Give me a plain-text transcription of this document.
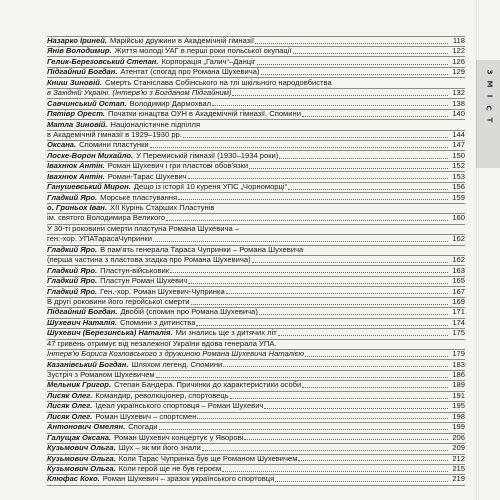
З
М
І
С
Т
Назарко Іриней. Марійські дружини в Академічній гімназії	118
Янів Володимир. Життя молоді УАГ в перші роки польської окупації	122
Гелик-Березовський Степан. Корпорація „Галич“–Данціг	126
Підгайний Богдан. Атентат (спогад про Романа Шухевича)	129
Книш Зиновій. Смерть Станіслава Собінського на тлі шкільного народовбиства
в Західній Україні. (Інтерв'ю з Богданом Підгайним)	132
Савчинський Остап. Володимир Дармохвал	138
Пятівр Орест. Початки юнацтва ОУН в Академічній гімназії. Спомини	140
Матла Зиновій. Націоналістичне підпілля
в Академічній гімназії в 1929–1930 рр.	144
Оксана. Спомини пластунки	147
Лоске-Ворон Михайло. У Перемиській гімназії (1930–1934 роки)	150
Івахнюк Антін. Роман Шухевич і гри пластові обов'язки	152
Івахнюк Антін. Роман-Тарас Шухевич	153
Ганушевський Мирон. Дещо із історії 10 куреня УПС „Чорноморці“	156
Гладкий Ярo. Морське пластування	159
о. Гриньох Іван. ХІІ Курінь Старших Пластунів
ім. святого Володимира Великого	160
У 30-ті роковини смерти пластуна Романа Шухевича –
ген.-хор. УПАТарасаЧупринки	162
Гладкий Ярo. В пам'ять генерала Тараса Чупринки – Романа Шухевича
(перша частина з пластова згадка про Романа Шухевича)	162
Гладкий Ярo. Пластун-військовик	163
Гладкий Ярo. Пластун Роман Шухевич	165
Гладкий Ярo. Ген.-хор. Роман Шухевич-Чупринка	167
В другі роковини його геройської смерти	169
Підгайний Богдан. Двобій (спомин про Романа Шухевича)	171
Шухевич Наталія. Спомини з дитинства	174
Шухевич (Березинська) Наталія. Ми знались ще з дитячих літ	175
47 гривень отримує від незалежної України вдова генерала УПА.
Інтерв'ю Бориса Козловського з дружиною Романа Шухевича Наталією	179
Казанівський Богдан. Шляхом легенд. Спомини.	183
Зустріч з Романом Шухевичем	186
Мельник Григор. Степан Бандера. Причинки до характеристики особи	189
Лисяк Олег. Командир, революціонер, спортовець	191
Лисяк Олег. Ідеал українського спортовця – Роман Шухевич	195
Лисяк Олег. Роман Шухевич – спортсмен	198
Антонович Омелян. Спогади	199
Галущак Оксана. Роман Шухевич концертує у Яворові	206
Кузьмович Ольга. Шух – як ми його знали	209
Кузьмович Ольга. Коли Тарас Чупринка був ще Романом Шухевичем	212
Кузьмович Ольга. Коли герой ще не був героєм	215
Клюфас Коко. Роман Шухевич – зразок українського спортовця	219
